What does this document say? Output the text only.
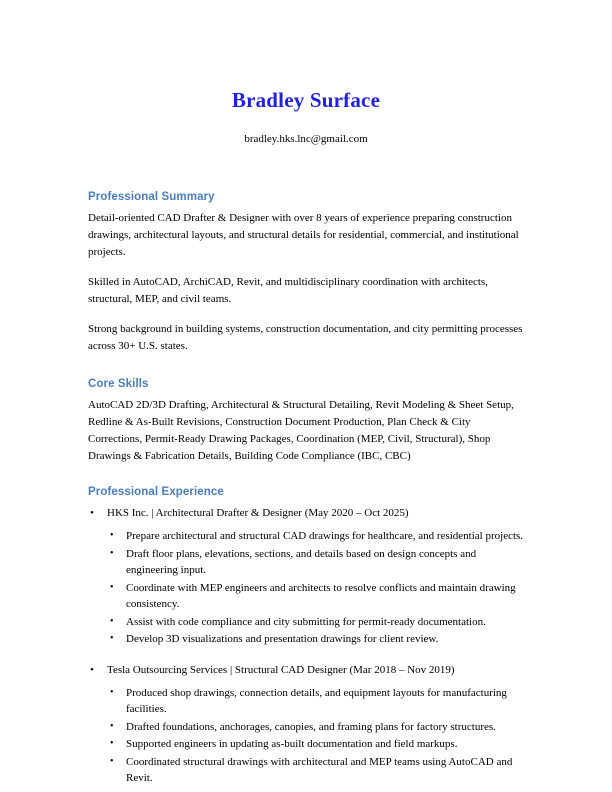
Bradley Surface

bradley.hks.lnc@gmail.com

Professional Summary

Detail-oriented CAD Drafter & Designer with over 8 years of experience preparing construction drawings, architectural layouts, and structural details for residential, commercial, and institutional projects.

Skilled in AutoCAD, ArchiCAD, Revit, and multidisciplinary coordination with architects, structural, MEP, and civil teams.

Strong background in building systems, construction documentation, and city permitting processes across 30+ U.S. states.

Core Skills

AutoCAD 2D/3D Drafting, Architectural & Structural Detailing, Revit Modeling & Sheet Setup, Redline & As-Built Revisions, Construction Document Production, Plan Check & City Corrections, Permit-Ready Drawing Packages, Coordination (MEP, Civil, Structural), Shop Drawings & Fabrication Details, Building Code Compliance (IBC, CBC)

Professional Experience
• HKS Inc. | Architectural Drafter & Designer (May 2020 – Oct 2025)
• Prepare architectural and structural CAD drawings for healthcare, and residential projects.
• Draft floor plans, elevations, sections, and details based on design concepts and engineering input.
• Coordinate with MEP engineers and architects to resolve conflicts and maintain drawing consistency.
• Assist with code compliance and city submitting for permit-ready documentation.
• Develop 3D visualizations and presentation drawings for client review.
• Tesla Outsourcing Services | Structural CAD Designer (Mar 2018 – Nov 2019)
• Produced shop drawings, connection details, and equipment layouts for manufacturing facilities.
• Drafted foundations, anchorages, canopies, and framing plans for factory structures.
• Supported engineers in updating as-built documentation and field markups.
• Coordinated structural drawings with architectural and MEP teams using AutoCAD and Revit.
